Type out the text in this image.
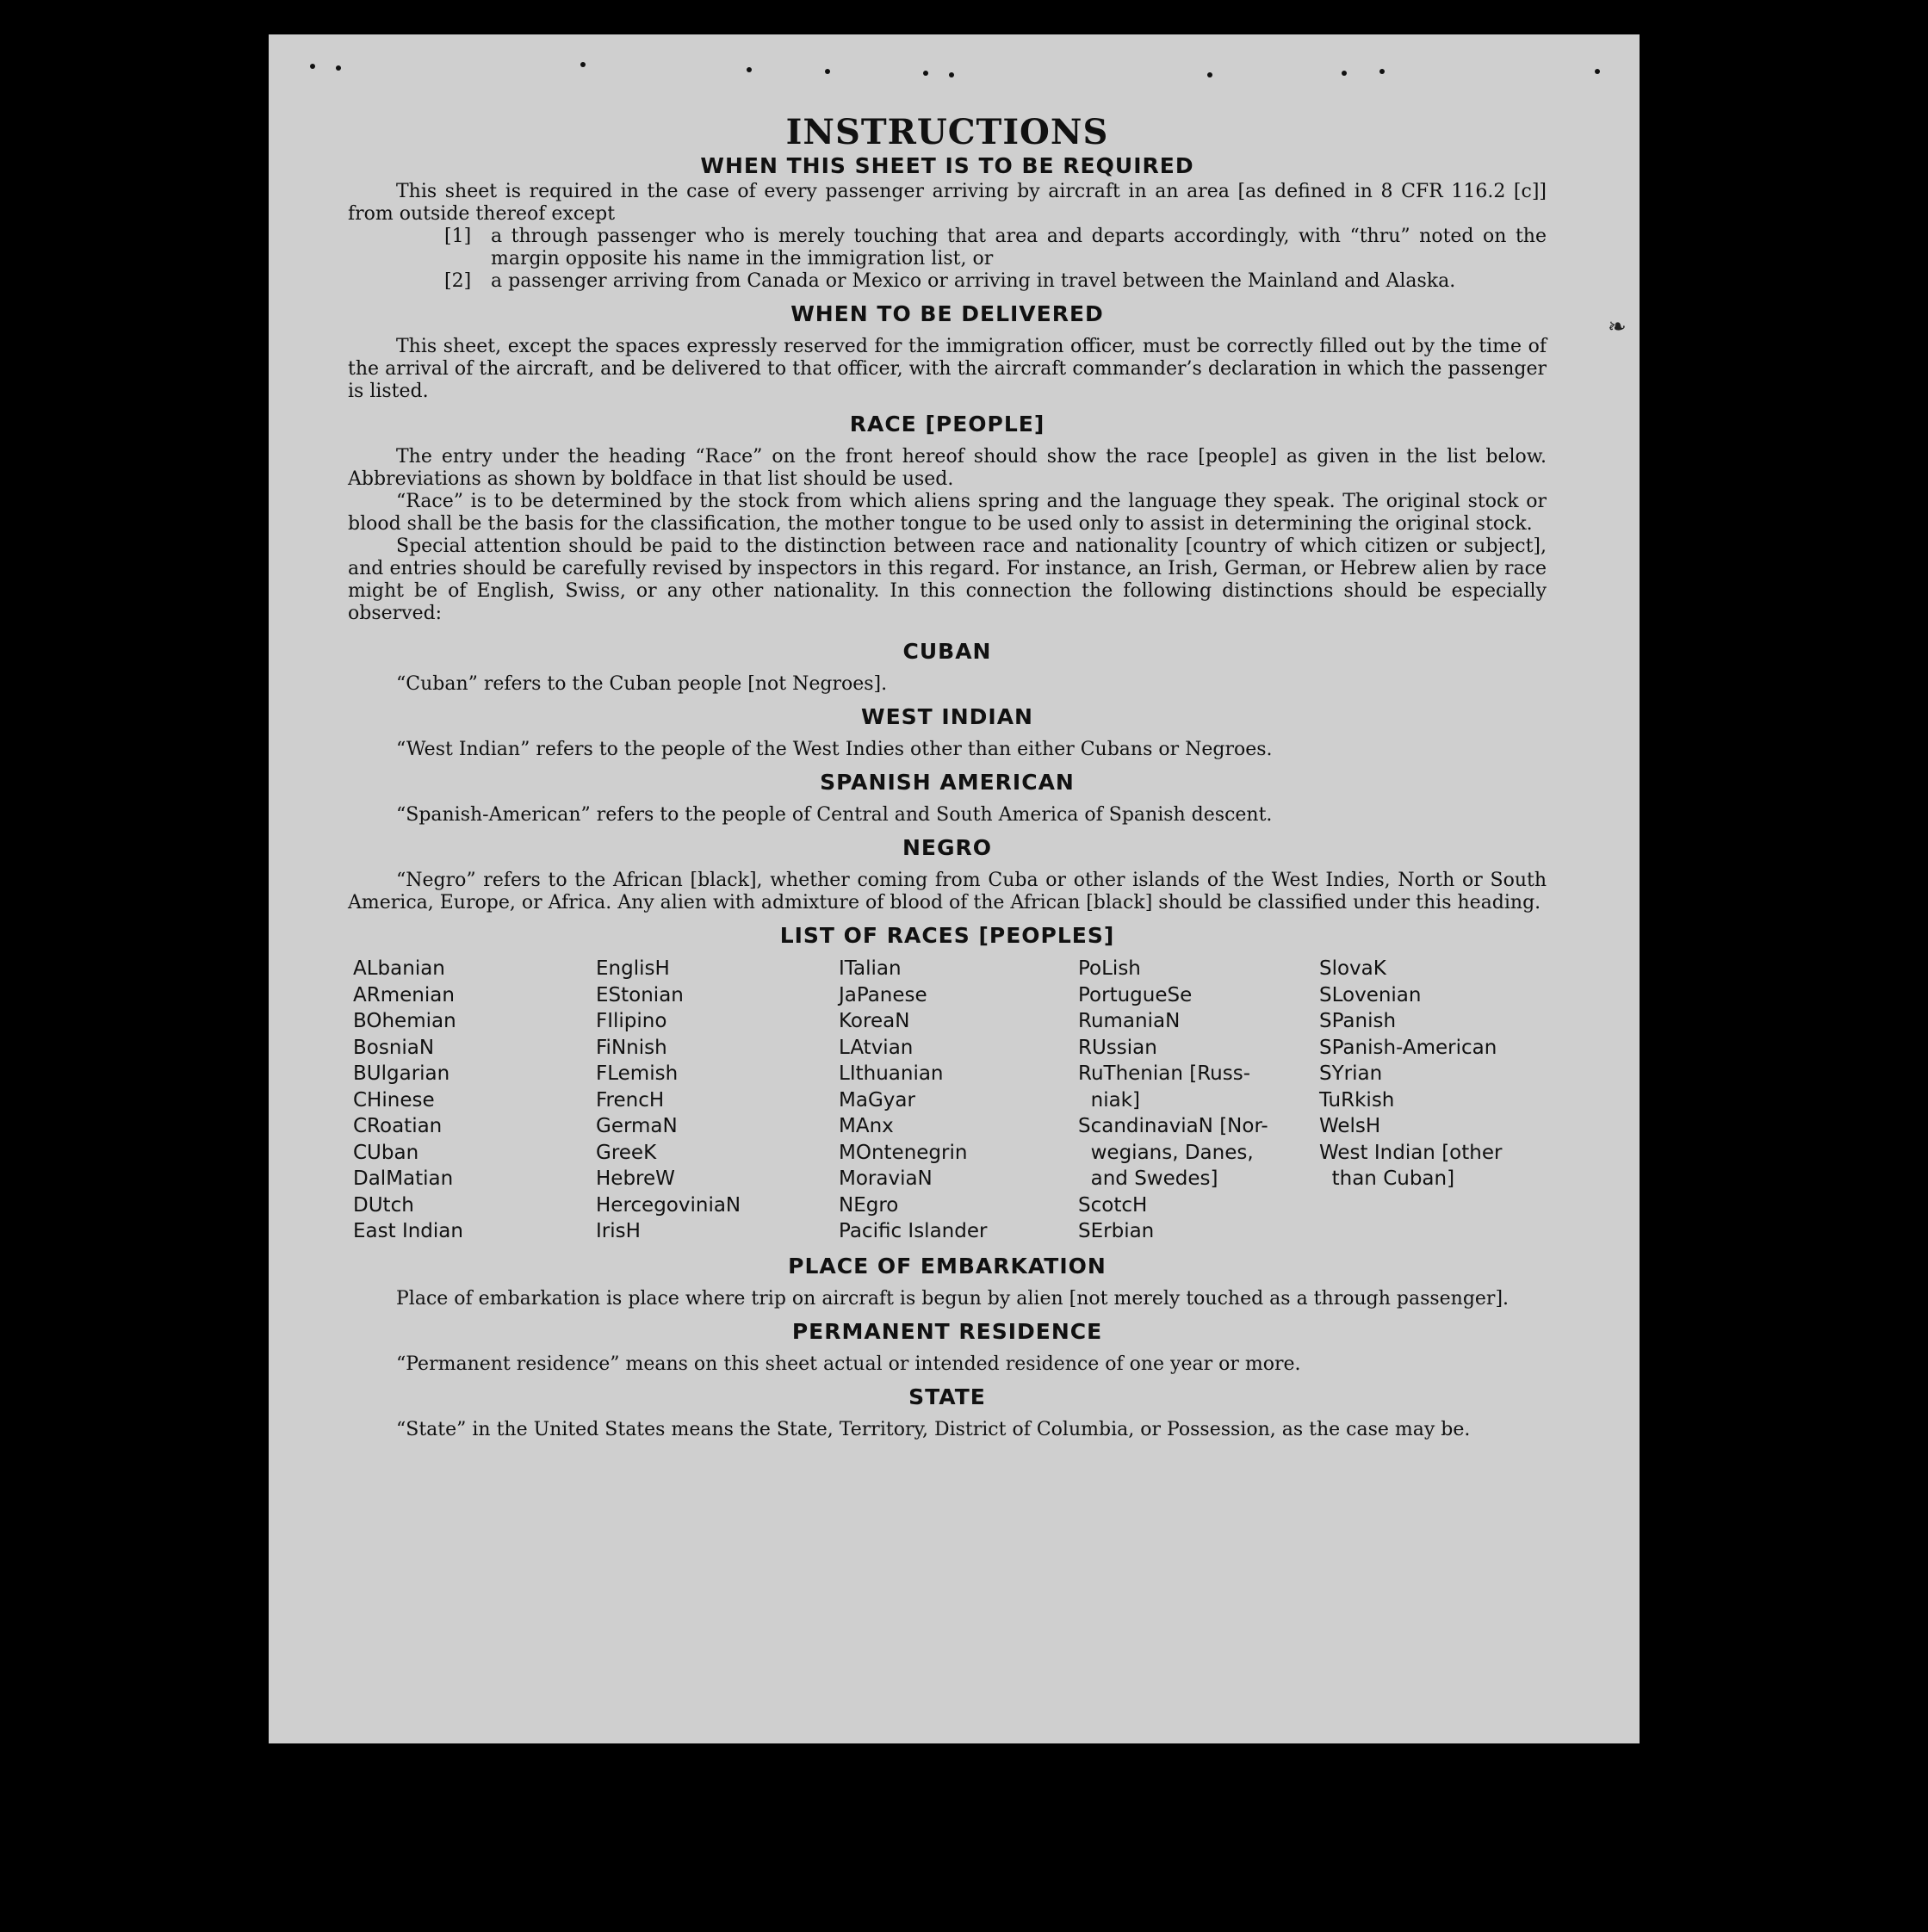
❧
INSTRUCTIONS
WHEN THIS SHEET IS TO BE REQUIRED

This sheet is required in the case of every passenger arriving by aircraft in an area [as defined in 8 CFR 116.2 [c]] from outside thereof except

[1]	a through passenger who is merely touching that area and departs accordingly, with “thru” noted on the margin opposite his name in the immigration list, or
[2]	a passenger arriving from Canada or Mexico or arriving in travel between the Mainland and Alaska.
WHEN TO BE DELIVERED

This sheet, except the spaces expressly reserved for the immigration officer, must be correctly filled out by the time of the arrival of the aircraft, and be delivered to that officer, with the aircraft commander’s declaration in which the passenger is listed.

RACE [PEOPLE]

The entry under the heading “Race” on the front hereof should show the race [people] as given in the list below. Abbreviations as shown by boldface in that list should be used.

“Race” is to be determined by the stock from which aliens spring and the language they speak. The original stock or blood shall be the basis for the classification, the mother tongue to be used only to assist in determining the original stock.

Special attention should be paid to the distinction between race and nationality [country of which citizen or subject], and entries should be carefully revised by inspectors in this regard. For instance, an Irish, German, or Hebrew alien by race might be of English, Swiss, or any other nationality. In this connection the following distinctions should be especially observed:

CUBAN

“Cuban” refers to the Cuban people [not Negroes].

WEST INDIAN

“West Indian” refers to the people of the West Indies other than either Cubans or Negroes.

SPANISH AMERICAN

“Spanish-American” refers to the people of Central and South America of Spanish descent.

NEGRO

“Negro” refers to the African [black], whether coming from Cuba or other islands of the West Indies, North or South America, Europe, or Africa. Any alien with admixture of blood of the African [black] should be classified under this heading.

LIST OF RACES [PEOPLES]
ALbanian
ARmenian
BOhemian
BosniaN
BUlgarian
CHinese
CRoatian
CUban
DalMatian
DUtch
East Indian
EnglisH
EStonian
FIlipino
FiNnish
FLemish
FrencH
GermaN
GreeK
HebreW
HercegoviniaN
IrisH
ITalian
JaPanese
KoreaN
LAtvian
LIthuanian
MaGyar
MAnx
MOntenegrin
MoraviaN
NEgro
Pacific Islander
PoLish
PortugueSe
RumaniaN
RUssian
RuThenian [Russ-
niak]
ScandinaviaN [Nor-
wegians, Danes,
and Swedes]
ScotcH
SErbian
SlovaK
SLovenian
SPanish
SPanish-American
SYrian
TuRkish
WelsH
West Indian [other
than Cuban]
PLACE OF EMBARKATION

Place of embarkation is place where trip on aircraft is begun by alien [not merely touched as a through passenger].

PERMANENT RESIDENCE

“Permanent residence” means on this sheet actual or intended residence of one year or more.

STATE

“State” in the United States means the State, Territory, District of Columbia, or Possession, as the case may be.
